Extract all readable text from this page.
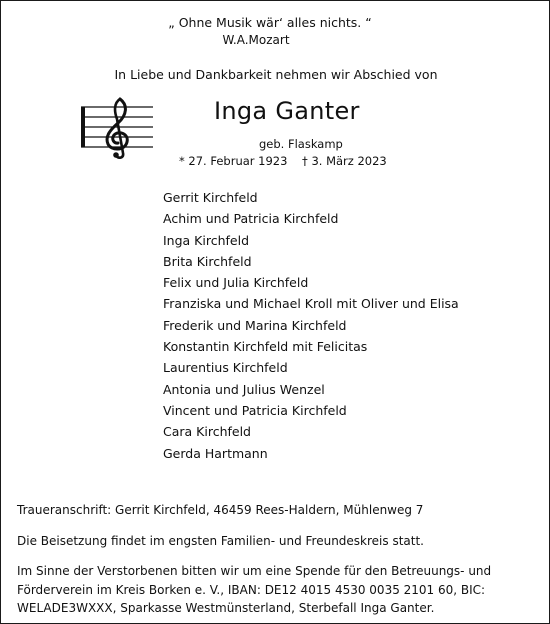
„ Ohne Musik wär‘ alles nichts. “
W.A.Mozart
In Liebe und Dankbarkeit nehmen wir Abschied von
Inga Ganter
geb. Flaskamp
* 27. Februar 1923    † 3. März 2023
Gerrit Kirchfeld
Achim und Patricia Kirchfeld
Inga Kirchfeld
Brita Kirchfeld
Felix und Julia Kirchfeld
Franziska und Michael Kroll mit Oliver und Elisa
Frederik und Marina Kirchfeld
Konstantin Kirchfeld mit Felicitas
Laurentius Kirchfeld
Antonia und Julius Wenzel
Vincent und Patricia Kirchfeld
Cara Kirchfeld
Gerda Hartmann
Traueranschrift: Gerrit Kirchfeld, 46459 Rees-Haldern, Mühlenweg 7
Die Beisetzung findet im engsten Familien- und Freundeskreis statt.
Im Sinne der Verstorbenen bitten wir um eine Spende für den Betreuungs- und Förderverein im Kreis Borken e. V., IBAN: DE12 4015 4530 0035 2101 60, BIC: WELADE3WXXX, Sparkasse Westmünsterland, Sterbefall Inga Ganter.
